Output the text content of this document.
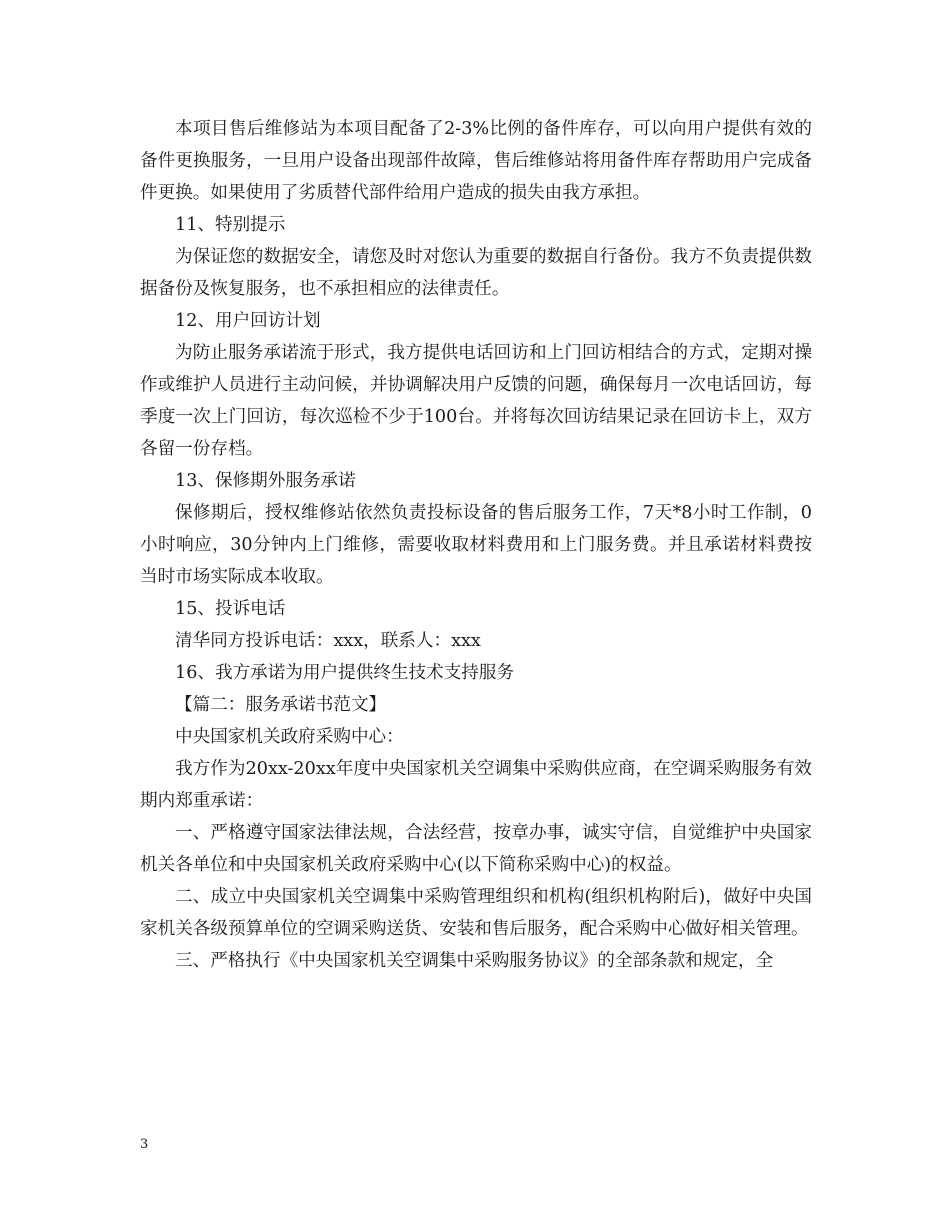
本项目售后维修站为本项目配备了2-3%比例的备件库存，可以向用户提供有效的备件更换服务，一旦用户设备出现部件故障，售后维修站将用备件库存帮助用户完成备件更换。如果使用了劣质替代部件给用户造成的损失由我方承担。

11、特别提示

为保证您的数据安全，请您及时对您认为重要的数据自行备份。我方不负责提供数据备份及恢复服务，也不承担相应的法律责任。

12、用户回访计划

为防止服务承诺流于形式，我方提供电话回访和上门回访相结合的方式，定期对操作或维护人员进行主动问候，并协调解决用户反馈的问题，确保每月一次电话回访，每季度一次上门回访，每次巡检不少于100台。并将每次回访结果记录在回访卡上，双方各留一份存档。

13、保修期外服务承诺

保修期后，授权维修站依然负责投标设备的售后服务工作，7天*8小时工作制，0小时响应，30分钟内上门维修，需要收取材料费用和上门服务费。并且承诺材料费按当时市场实际成本收取。

15、投诉电话

清华同方投诉电话：xxx，联系人：xxx

16、我方承诺为用户提供终生技术支持服务

【篇二：服务承诺书范文】

中央国家机关政府采购中心：

我方作为20xx-20xx年度中央国家机关空调集中采购供应商，在空调采购服务有效期内郑重承诺：

一、严格遵守国家法律法规，合法经营，按章办事，诚实守信，自觉维护中央国家机关各单位和中央国家机关政府采购中心(以下简称采购中心)的权益。

二、成立中央国家机关空调集中采购管理组织和机构(组织机构附后)，做好中央国家机关各级预算单位的空调采购送货、安装和售后服务，配合采购中心做好相关管理。

三、严格执行《中央国家机关空调集中采购服务协议》的全部条款和规定，全

3
